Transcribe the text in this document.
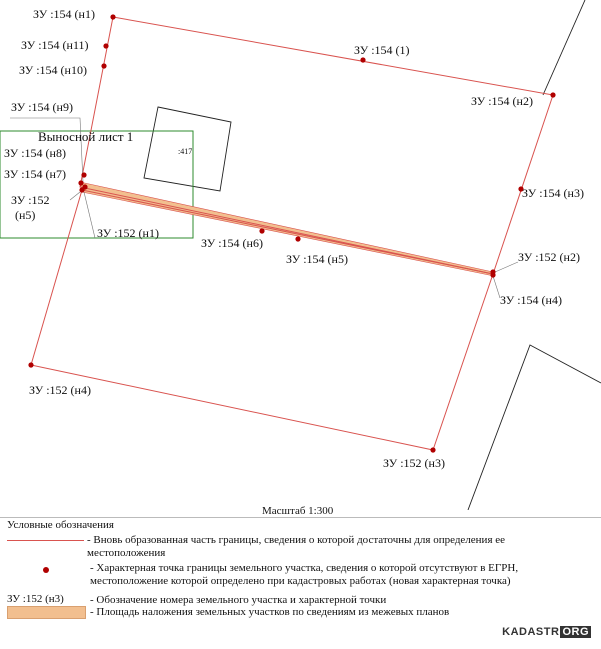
ЗУ :154 (н1)
ЗУ :154 (н11)
ЗУ :154 (н10)
ЗУ :154 (1)
ЗУ :154 (н2)
ЗУ :154 (н9)
Выносной лист 1
:417
ЗУ :154 (н8)
ЗУ :154 (н7)
ЗУ :154 (н3)
ЗУ :152
(н5)
ЗУ :152 (н1)
ЗУ :154 (н6)
ЗУ :154 (н5)	ЗУ :152 (н2)
ЗУ :154 (н4)
ЗУ :152 (н4)
ЗУ :152 (н3)
Масштаб 1:300
Условные обозначения
- Вновь образованная часть границы, сведения о которой достаточны для определения ее местоположения
- Характерная точка границы земельного участка, сведения о которой отсутствуют в ЕГРН, местоположение которой определено при кадастровых работах (новая характерная точка)
ЗУ :152 (н3) - Обозначение номера земельного участка и характерной точки
- Площадь наложения земельных участков по сведениям из межевых планов
KADASTR ORG
